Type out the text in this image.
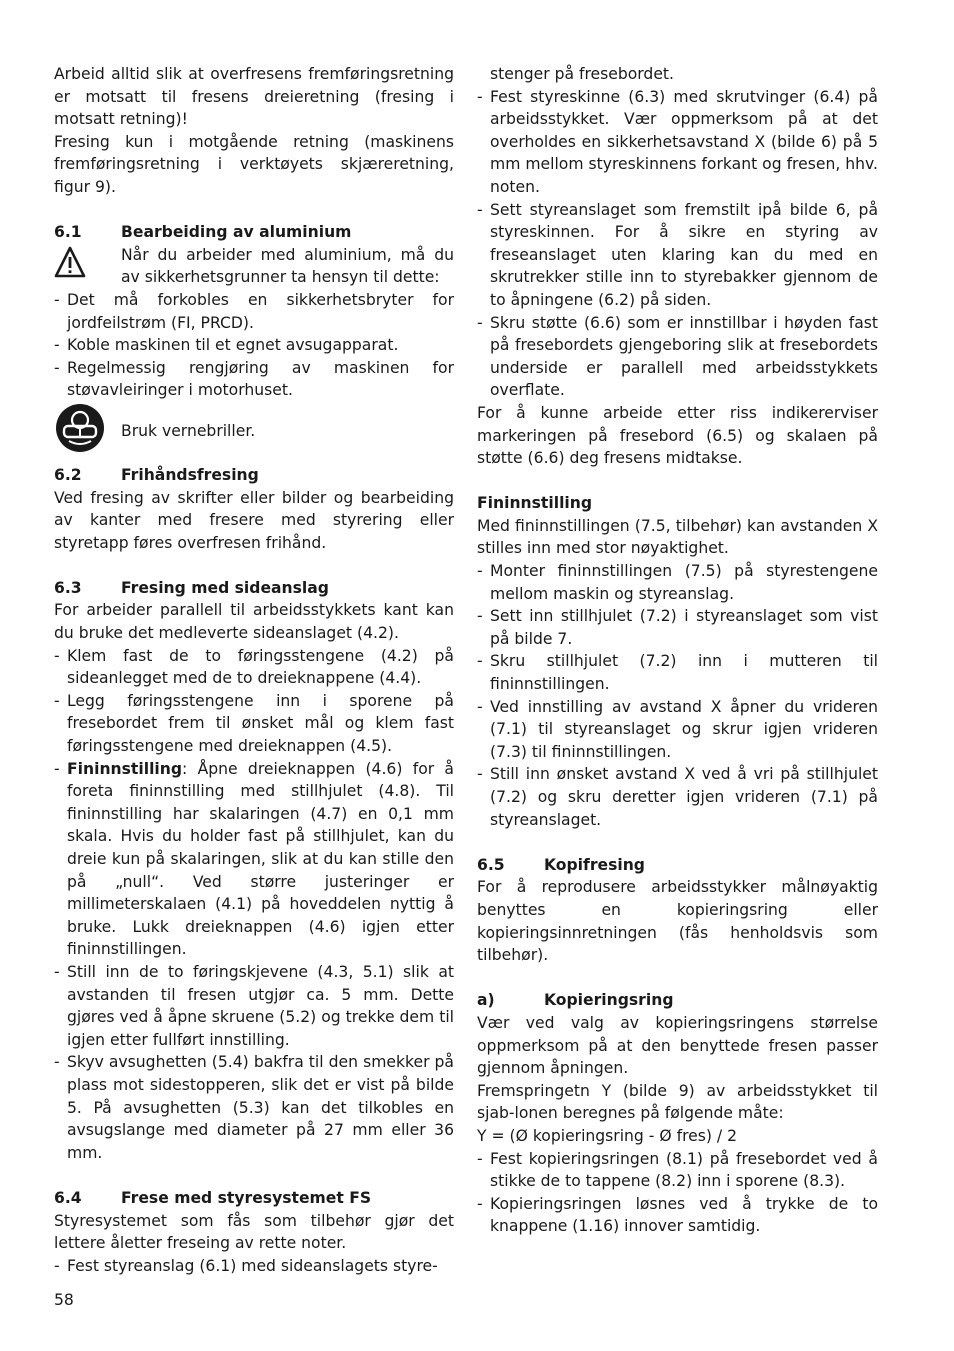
Arbeid alltid slik at overfresens fremføringsretning er motsatt til fresens dreieretning (fresing i motsatt retning)!

Fresing kun i motgående retning (maskinens fremføringsretning i verktøyets skjæreretning, figur 9).

6.1	Bearbeiding av aluminium
Når du arbeider med aluminium, må du av sikkerhetsgrunner ta hensyn til dette:
- Det må forkobles en sikkerhetsbryter for jordfeilstrøm (FI, PRCD).
- Koble maskinen til et egnet avsugapparat.
- Regelmessig rengjøring av maskinen for støvavleiringer i motorhuset.
Bruk vernebriller.
6.2	Frihåndsfresing

Ved fresing av skrifter eller bilder og bearbeiding av kanter med fresere med styrering eller styretapp føres overfresen frihånd.

6.3	Fresing med sideanslag

For arbeider parallell til arbeidsstykkets kant kan du bruke det medleverte sideanslaget (4.2).

- Klem fast de to føringsstengene (4.2) på sideanlegget med de to dreieknappene (4.4).
- Legg føringsstengene inn i sporene på fresebordet frem til ønsket mål og klem fast føringsstengene med dreieknappen (4.5).
- Fininnstilling: Åpne dreieknappen (4.6) for å foreta fininnstilling med stillhjulet (4.8). Til fininnstilling har skalaringen (4.7) en 0,1 mm skala. Hvis du holder fast på stillhjulet, kan du dreie kun på skalaringen, slik at du kan stille den på „null“. Ved større justeringer er millimeterskalaen (4.1) på hoveddelen nyttig å bruke. Lukk dreieknappen (4.6) igjen etter fininnstillingen.
- Still inn de to føringskjevene (4.3, 5.1) slik at avstanden til fresen utgjør ca. 5 mm. Dette gjøres ved å åpne skruene (5.2) og trekke dem til igjen etter fullført innstilling.
- Skyv avsughetten (5.4) bakfra til den smekker på plass mot sidestopperen, slik det er vist på bilde 5. På avsughetten (5.3) kan det tilkobles en avsugslange med diameter på 27 mm eller 36 mm.
6.4	Frese med styresystemet FS

Styresystemet som fås som tilbehør gjør det lettere åletter freseing av rette noter.

- Fest styreanslag (6.1) med sideanslagets styre-
stenger på fresebordet.
- Fest styreskinne (6.3) med skrutvinger (6.4) på arbeidsstykket. Vær oppmerksom på at det overholdes en sikkerhetsavstand X (bilde 6) på 5 mm mellom styreskinnens forkant og fresen, hhv. noten.
- Sett styreanslaget som fremstilt ipå bilde 6, på styreskinnen. For å sikre en styring av freseanslaget uten klaring kan du med en skrutrekker stille inn to styrebakker gjennom de to åpningene (6.2) på siden.
- Skru støtte (6.6) som er innstillbar i høyden fast på fresebordets gjengeboring slik at fresebordets underside er parallell med arbeidsstykkets overflate.

For å kunne arbeide etter riss indikererviser markeringen på fresebord (6.5) og skalaen på støtte (6.6) deg fresens midtakse.

Fininnstilling

Med fininnstillingen (7.5, tilbehør) kan avstanden X stilles inn med stor nøyaktighet.

- Monter fininnstillingen (7.5) på styrestengene mellom maskin og styreanslag.
- Sett inn stillhjulet (7.2) i styreanslaget som vist på bilde 7.
- Skru stillhjulet (7.2) inn i mutteren til fininnstillingen.
- Ved innstilling av avstand X åpner du vrideren (7.1) til styreanslaget og skrur igjen vrideren (7.3) til fininnstillingen.
- Still inn ønsket avstand X ved å vri på stillhjulet (7.2) og skru deretter igjen vrideren (7.1) på styreanslaget.
6.5	Kopifresing

For å reprodusere arbeidsstykker målnøyaktig benyttes en kopieringsring eller kopieringsinnretningen (fås henholdsvis som tilbehør).

a)	Kopieringsring

Vær ved valg av kopieringsringens størrelse oppmerksom på at den benyttede fresen passer gjennom åpningen.

Fremspringetn Y (bilde 9) av arbeidsstykket til sjab-lonen beregnes på følgende måte:

Y = (Ø kopieringsring - Ø fres) / 2

- Fest kopieringsringen (8.1) på fresebordet ved å stikke de to tappene (8.2) inn i sporene (8.3).
- Kopieringsringen løsnes ved å trykke de to knappene (1.16) innover samtidig.
58
